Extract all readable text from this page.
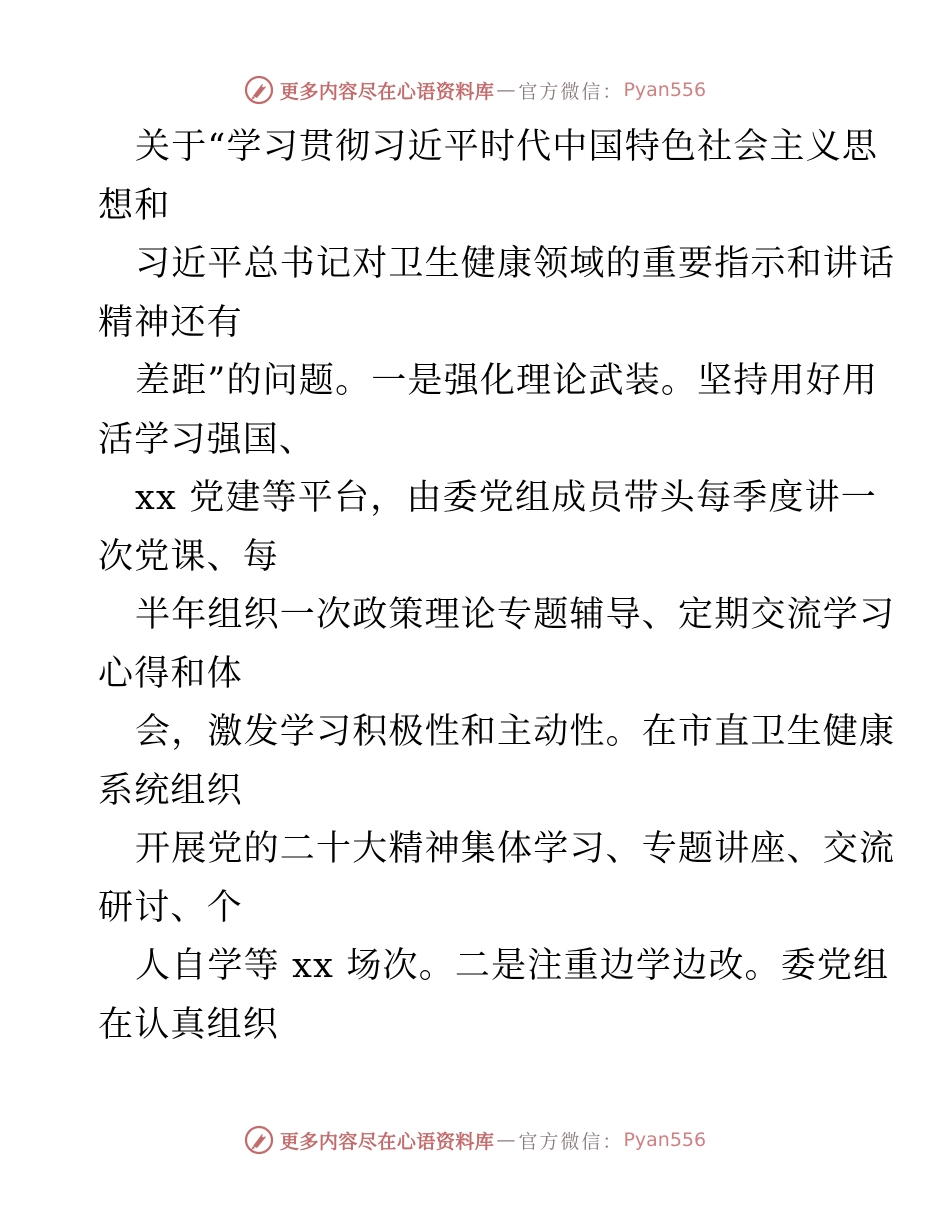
更多内容尽在心语资料库 — 官方微信： Pyan556
关于“学习贯彻习近平时代中国特色社会主义思
想和
习近平总书记对卫生健康领域的重要指示和讲话
精神还有
差距”的问题。一是强化理论武装。坚持用好用
活学习强国、
xx 党建等平台，由委党组成员带头每季度讲一
次党课、每
半年组织一次政策理论专题辅导、定期交流学习
心得和体
会，激发学习积极性和主动性。在市直卫生健康
系统组织
开展党的二十大精神集体学习、专题讲座、交流
研讨、个
人自学等 xx 场次。二是注重边学边改。委党组
在认真组织
更多内容尽在心语资料库 — 官方微信： Pyan556
